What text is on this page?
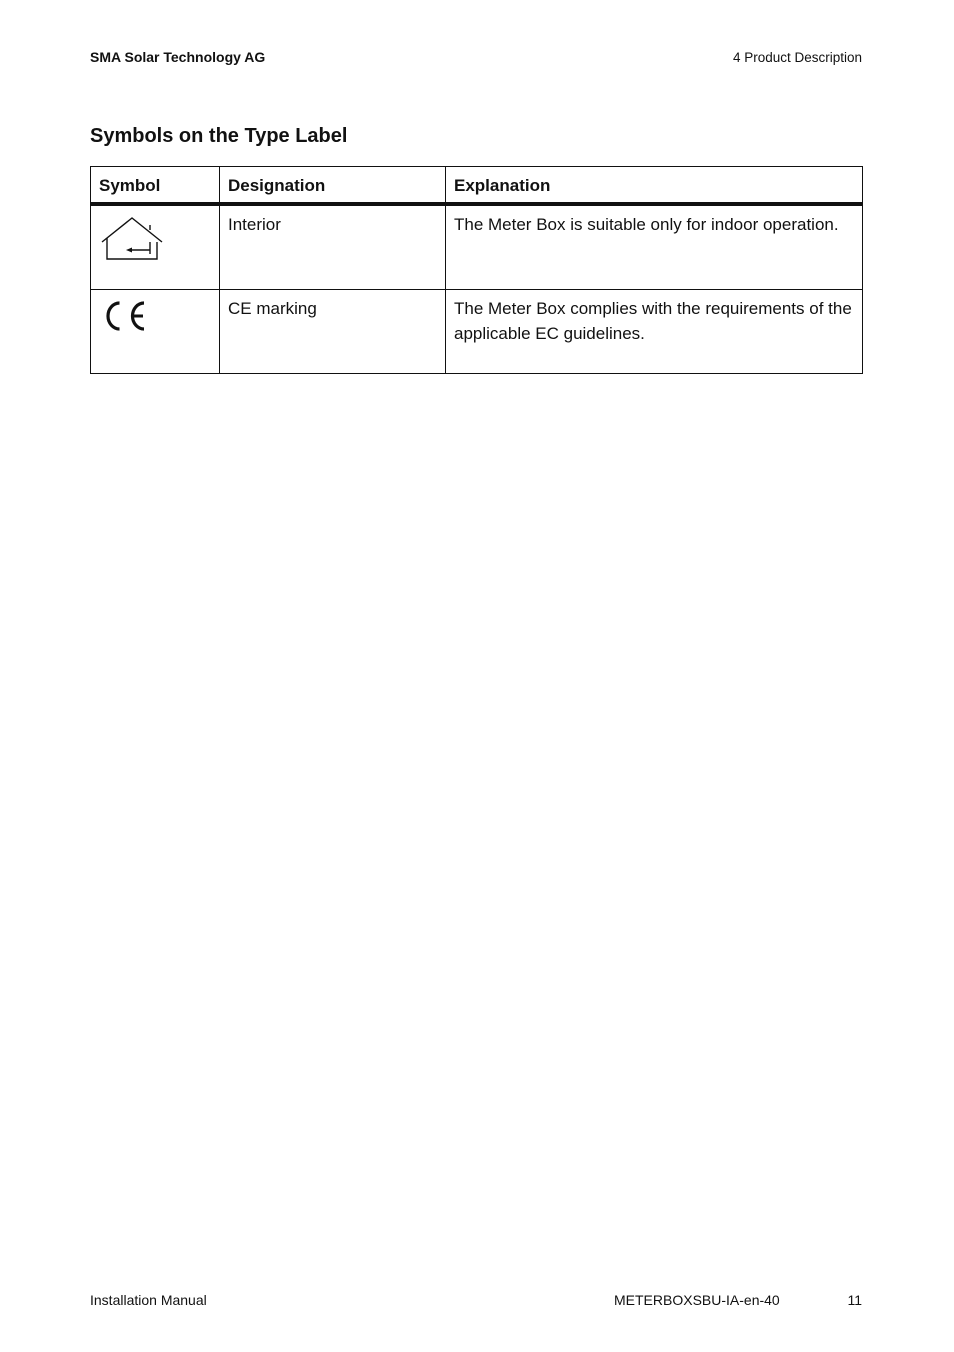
SMA Solar Technology AG	4 Product Description
Symbols on the Type Label
Symbol	Designation	Explanation
	Interior	The Meter Box is suitable only for indoor operation.
	CE marking	The Meter Box complies with the requirements of the applicable EC guidelines.
Installation Manual	METERBOXSBU-IA-en-40	11
